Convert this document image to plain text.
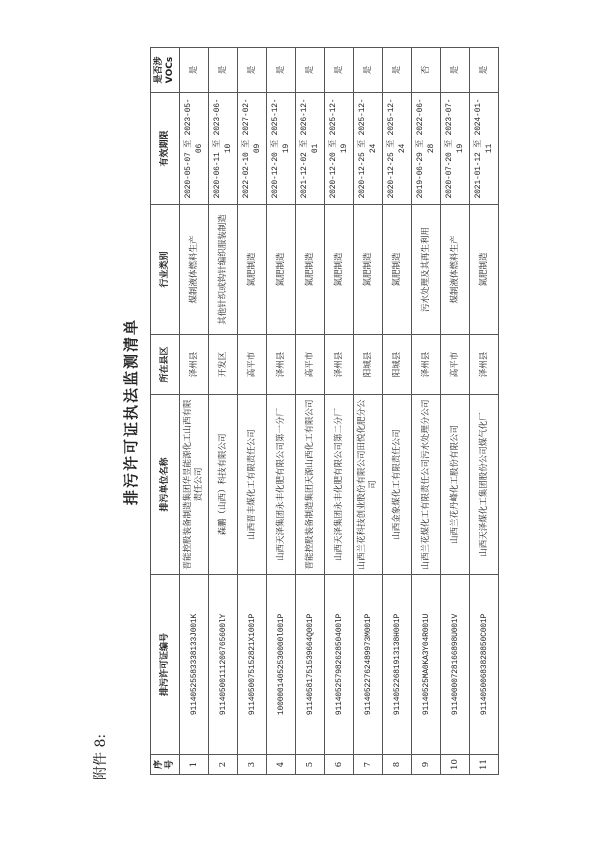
附件 8:
排污许可证执法监测清单
序号	排污许可证编号	排污单位名称	所在县区	行业类别	有效期限	是否涉VOCs
1	91140525583338133J001K	晋能控股装备制造集团华昱能源化工山西有限责任公司	泽州县	煤制液体燃料生产	2020-05-07 至 2023-05-06	是
2	91140500111206765600lY	森鹏（山西）科技有限公司	开发区	其他针织或钩针编织服装制造	2020-06-11 至 2023-06-10	是
3	91140500751528​21X1001P	山西晋丰煤化工有限责任公司	高平市	氮肥制造	2022-02-10 至 2027-02-09	是
4	10000014052530000l001P	山西天泽集团永丰化肥有限公司第一分厂	泽州县	氮肥制造	2020-12-20 至 2025-12-19	是
5	91140581751539664Q001P	晋能控股装备制造集团天源山西化工有限公司	高平市	氮肥制造	2021-12-02 至 2026-12-01	是
6	91140525798262850400lP	山西天泽集团永丰化肥有限公司第二分厂	泽州县	氮肥制造	2020-12-20 至 2025-12-19	是
7	91140522762489973M001P	山西兰花科技创业股份有限公司田悦化肥分公司	阳城县	氮肥制造	2020-12-25 至 2025-12-24	是
8	91140522681913138H001P	山西金象煤化工有限责任公司	阳城县	氮肥制造	2020-12-25 至 2025-12-24	是
9	91140525MA0KA3Y04R001U	山西兰花煤化工有限责任公司污水处理分公司	泽州县	污水处理及其再生利用	2019-06-29 至 2022-06-28	否
10	91140000728166898U001V	山西兰花丹峰化工股份有限公司	高平市	煤制液体燃料生产	2020-07-20 至 2023-07-19	是
11	91140500683828850C001P	山西天泽煤化工集团股份公司煤气化厂	泽州县	氮肥制造	2021-01-12 至 2024-01-11	是
